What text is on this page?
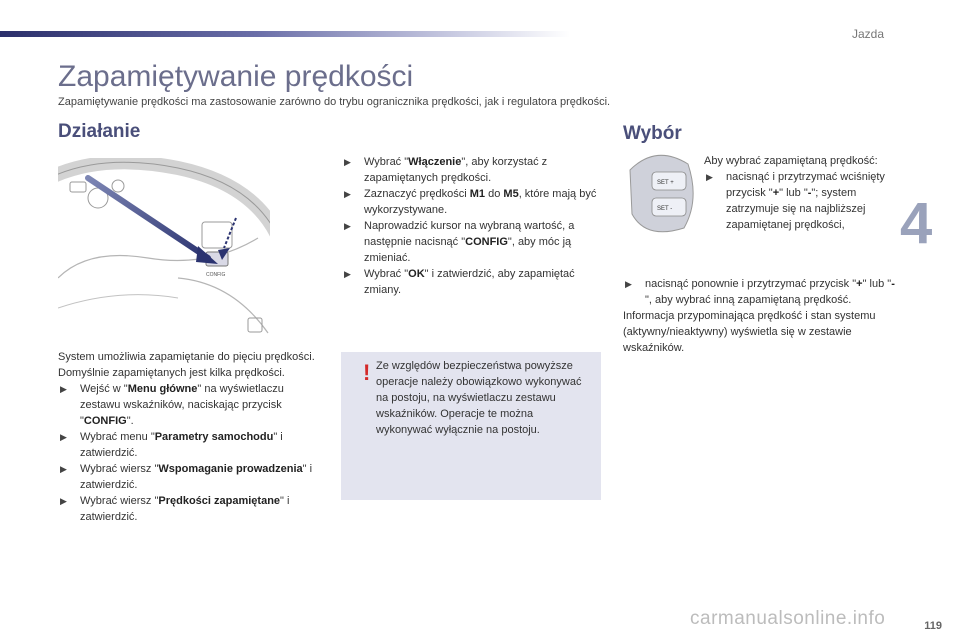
Jazda
4
Zapamiętywanie prędkości
Zapamiętywanie prędkości ma zastosowanie zarówno do trybu ogranicznika prędkości, jak i regulatora prędkości.
Działanie
CONFIG

System umożliwia zapamiętanie do pięciu prędkości.

Domyślnie zapamiętanych jest kilka prędkości.

▶ Wejść w "Menu główne" na wyświetlaczu zestawu wskaźników, naciskając przycisk "CONFIG".
▶ Wybrać menu "Parametry samochodu" i zatwierdzić.
▶ Wybrać wiersz "Wspomaganie prowadzenia" i zatwierdzić.
▶ Wybrać wiersz "Prędkości zapamiętane" i zatwierdzić.
▶ Wybrać "Włączenie", aby korzystać z zapamiętanych prędkości.
▶ Zaznaczyć prędkości M1 do M5, które mają być wykorzystywane.
▶ Naprowadzić kursor na wybraną wartość, a następnie nacisnąć "CONFIG", aby móc ją zmieniać.
▶ Wybrać "OK" i zatwierdzić, aby zapamiętać zmiany.
! Ze względów bezpieczeństwa powyższe operacje należy obowiązkowo wykonywać na postoju, na wyświetlaczu zestawu wskaźników. Operacje te można wykonywać wyłącznie na postoju.
Wybór
SET +
SET -

Aby wybrać zapamiętaną prędkość:

▶ nacisnąć i przytrzymać wciśnięty przycisk "+" lub "-"; system zatrzymuje się na najbliższej zapamiętanej prędkości,
▶ nacisnąć ponownie i przytrzymać przycisk "+" lub "-", aby wybrać inną zapamiętaną prędkość.

Informacja przypominająca prędkość i stan systemu (aktywny/nieaktywny) wyświetla się w zestawie wskaźników.

119
carmanualsonline.info
